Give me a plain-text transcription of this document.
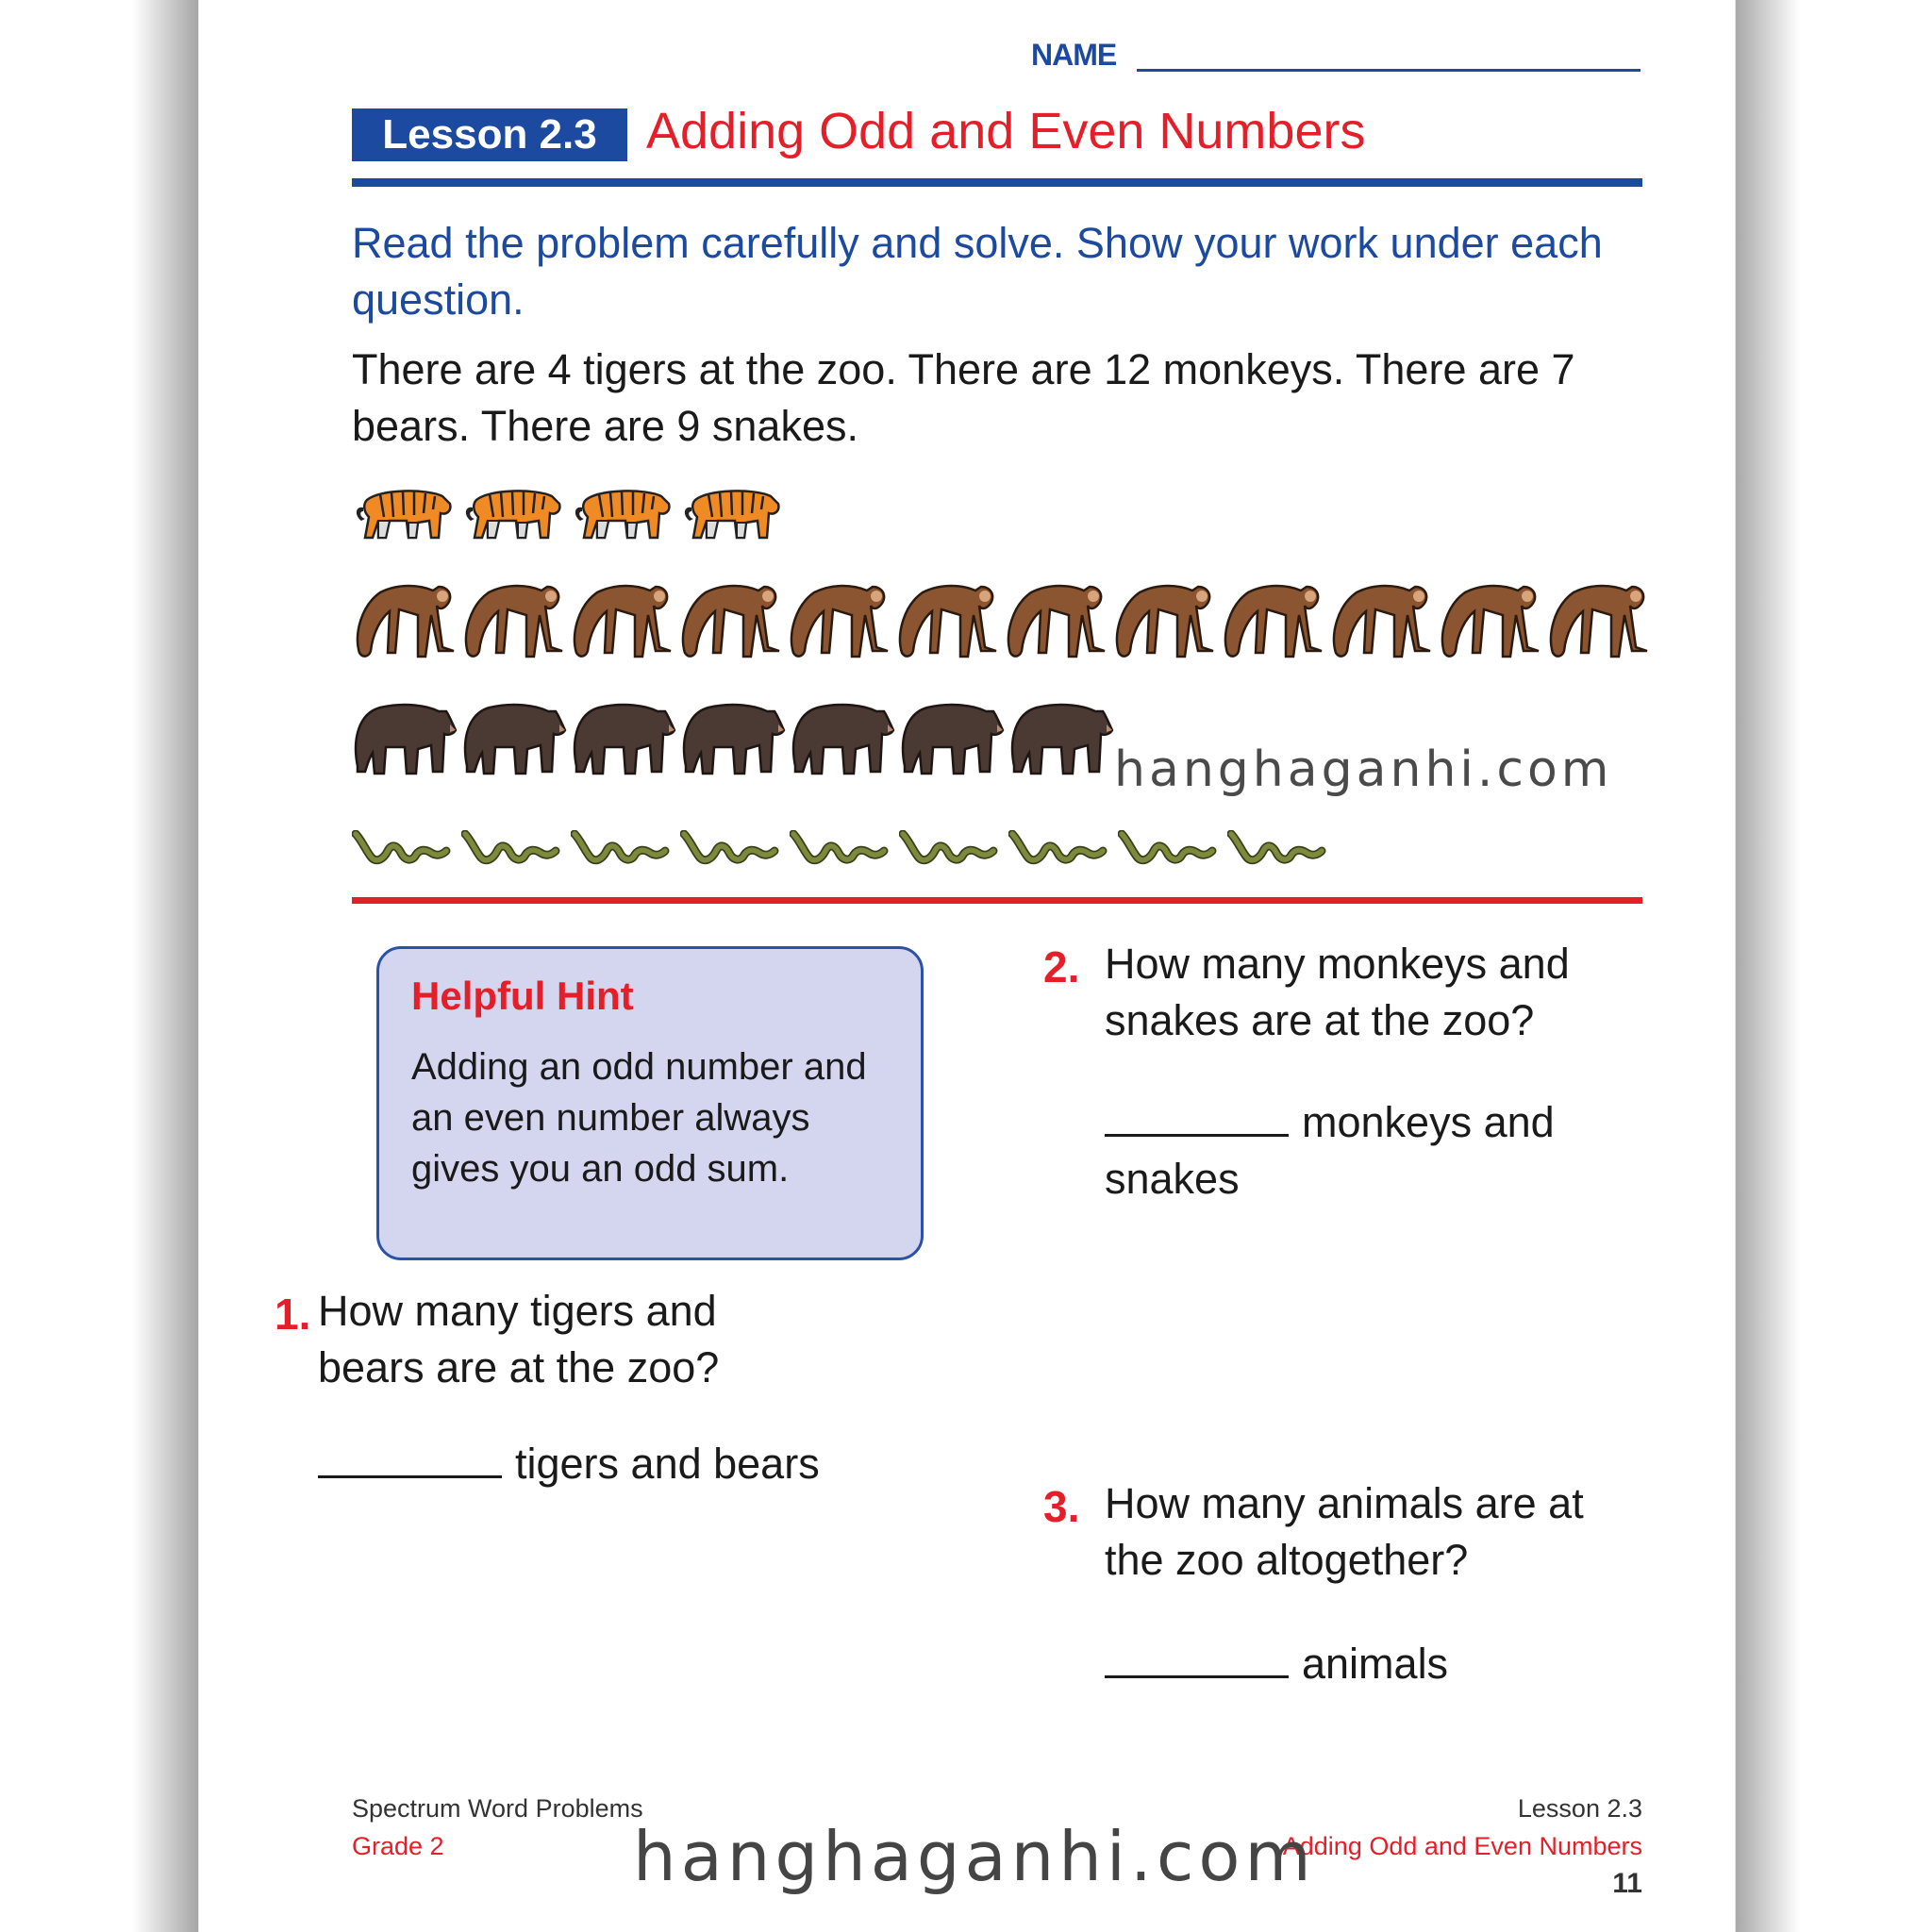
NAME
Lesson 2.3 Adding Odd and Even Numbers
Read the problem carefully and solve. Show your work under each question.
There are 4 tigers at the zoo. There are 12 monkeys. There are 7 bears. There are 9 snakes.
hanghaganhi.com
Helpful Hint
Adding an odd number and an even number always gives you an odd sum.
1. How many tigers and
bears are at the zoo?
tigers and bears
2. How many monkeys and
snakes are at the zoo?
monkeys and
snakes
3. How many animals are at
the zoo altogether?
animals
Spectrum Word Problems
Grade 2
Lesson 2.3
Adding Odd and Even Numbers
11
hanghaganhi.com
